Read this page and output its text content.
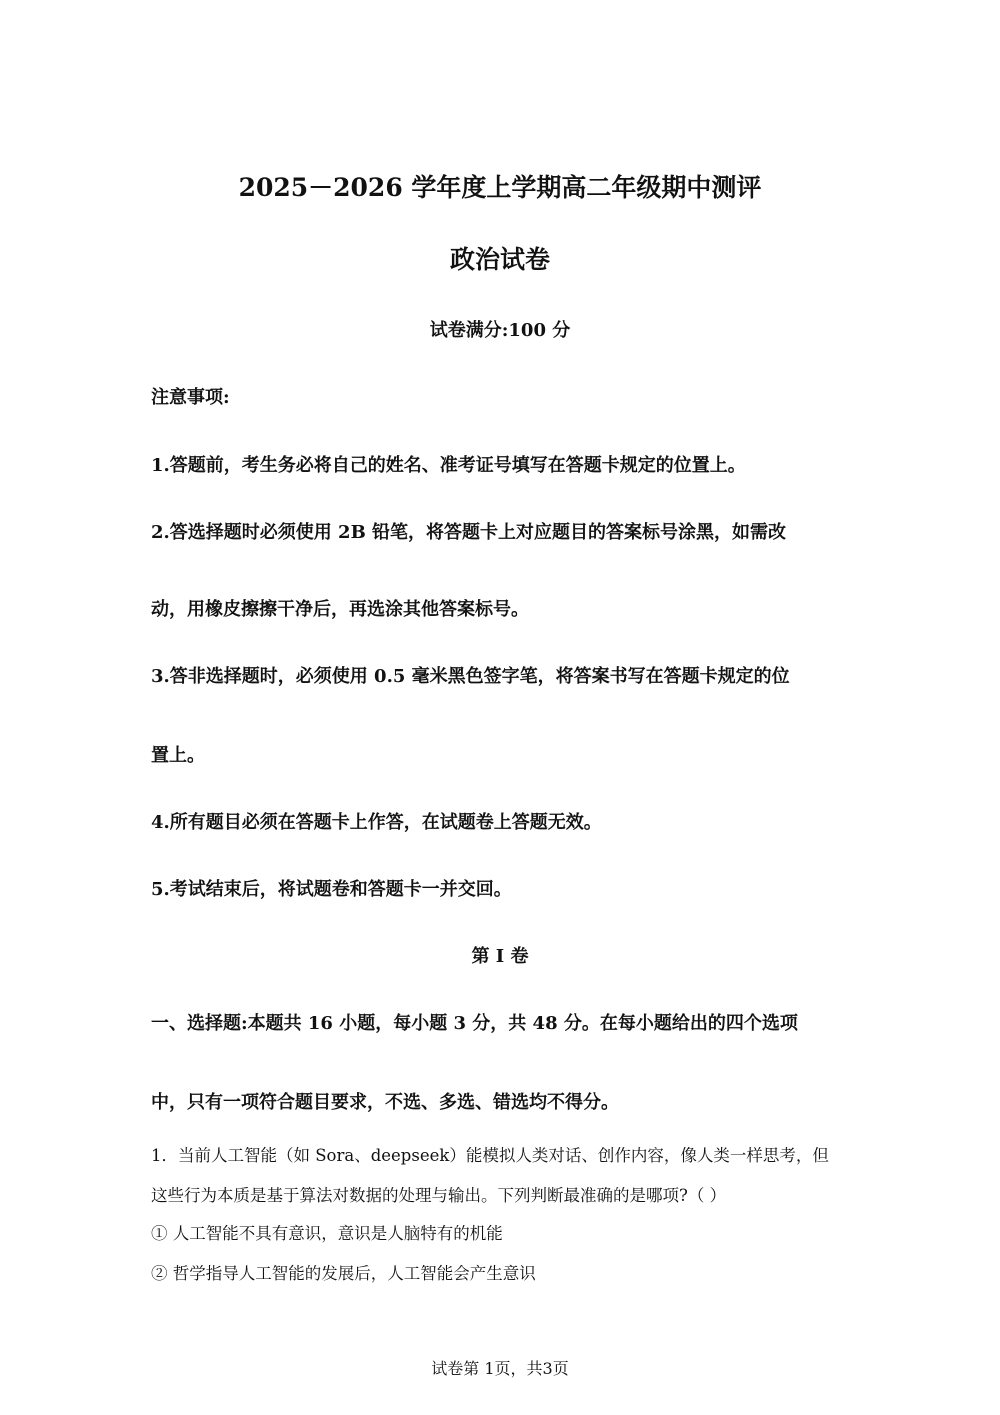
2025－2026 学年度上学期高二年级期中测评
政治试卷
试卷满分:100 分
注意事项:
1.答题前，考生务必将自己的姓名、准考证号填写在答题卡规定的位置上。
2.答选择题时必须使用 2B 铅笔，将答题卡上对应题目的答案标号涂黑，如需改
动，用橡皮擦擦干净后，再选涂其他答案标号。
3.答非选择题时，必须使用 0.5 毫米黑色签字笔，将答案书写在答题卡规定的位
置上。
4.所有题目必须在答题卡上作答，在试题卷上答题无效。
5.考试结束后，将试题卷和答题卡一并交回。
第 I 卷
一、选择题:本题共 16 小题，每小题 3 分，共 48 分。在每小题给出的四个选项
中，只有一项符合题目要求，不选、多选、错选均不得分。
1．当前人工智能（如 Sora、deepseek）能模拟人类对话、创作内容，像人类一样思考，但
这些行为本质是基于算法对数据的处理与输出。下列判断最准确的是哪项?（ ）
① 人工智能不具有意识，意识是人脑特有的机能
② 哲学指导人工智能的发展后，人工智能会产生意识
试卷第 1页，共3页
